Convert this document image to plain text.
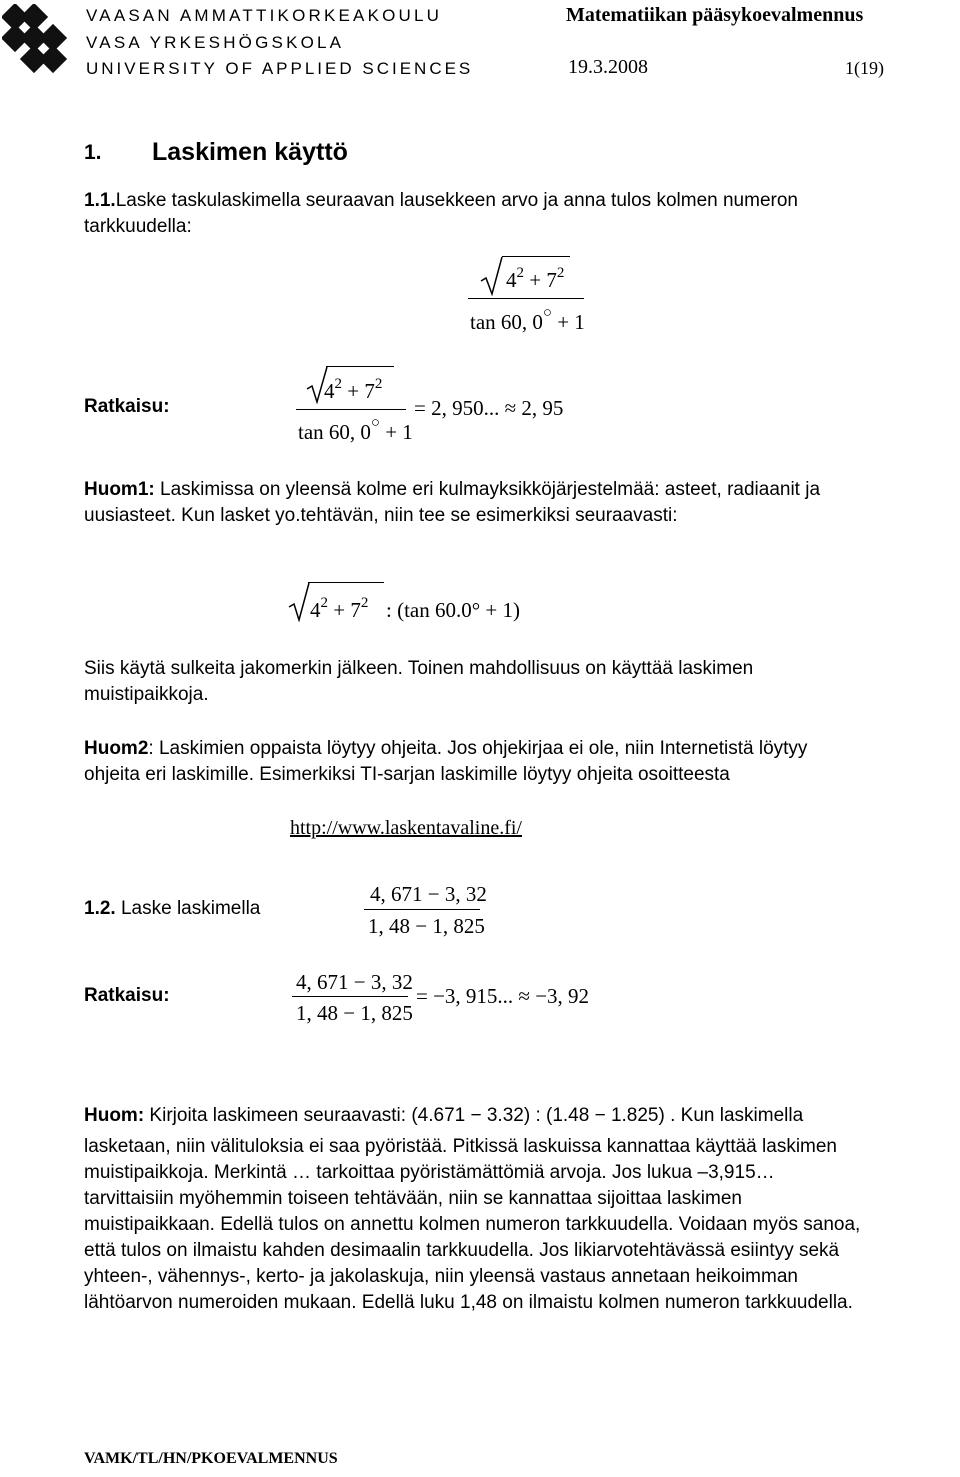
VAASAN AMMATTIKORKEAKOULU
VASA YRKESHÖGSKOLA
UNIVERSITY OF APPLIED SCIENCES
Matematiikan pääsykoevalmennus
19.3.2008	1(19)
1. Laskimen käyttö
1.1.Laske taskulaskimella seuraavan lausekkeen arvo ja anna tulos kolmen numeron
tarkkuudella:
$4^2 + 7^2$
tan 60, 0○ + 1
Ratkaisu:
$4^2 + 7^2$
tan 60, 0○ + 1
= 2, 950... ≈ 2, 95
Huom1: Laskimissa on yleensä kolme eri kulmayksikköjärjestelmää: asteet, radiaanit ja
uusiasteet. Kun lasket yo.tehtävän, niin tee se esimerkiksi seuraavasti:
$4^2 + 7^2$ : (tan 60.0° + 1)
Siis käytä sulkeita jakomerkin jälkeen. Toinen mahdollisuus on käyttää laskimen
muistipaikkoja.
Huom2: Laskimien oppaista löytyy ohjeita. Jos ohjekirjaa ei ole, niin Internetistä löytyy
ohjeita eri laskimille. Esimerkiksi TI-sarjan laskimille löytyy ohjeita osoitteesta
http://www.laskentavaline.fi/
1.2. Laske laskimella
4, 671 − 3, 32
1, 48 − 1, 825
Ratkaisu:
4, 671 − 3, 32
1, 48 − 1, 825
= −3, 915... ≈ −3, 92
Huom: Kirjoita laskimeen seuraavasti: (4.671 − 3.32) : (1.48 − 1.825) . Kun laskimella
lasketaan, niin välituloksia ei saa pyöristää. Pitkissä laskuissa kannattaa käyttää laskimen
muistipaikkoja. Merkintä … tarkoittaa pyöristämättömiä arvoja. Jos lukua –3,915…
tarvittaisiin myöhemmin toiseen tehtävään, niin se kannattaa sijoittaa laskimen
muistipaikkaan. Edellä tulos on annettu kolmen numeron tarkkuudella. Voidaan myös sanoa,
että tulos on ilmaistu kahden desimaalin tarkkuudella. Jos likiarvotehtävässä esiintyy sekä
yhteen-, vähennys-, kerto- ja jakolaskuja, niin yleensä vastaus annetaan heikoimman
lähtöarvon numeroiden mukaan. Edellä luku 1,48 on ilmaistu kolmen numeron tarkkuudella.
VAMK/TL/HN/PKOEVALMENNUS
